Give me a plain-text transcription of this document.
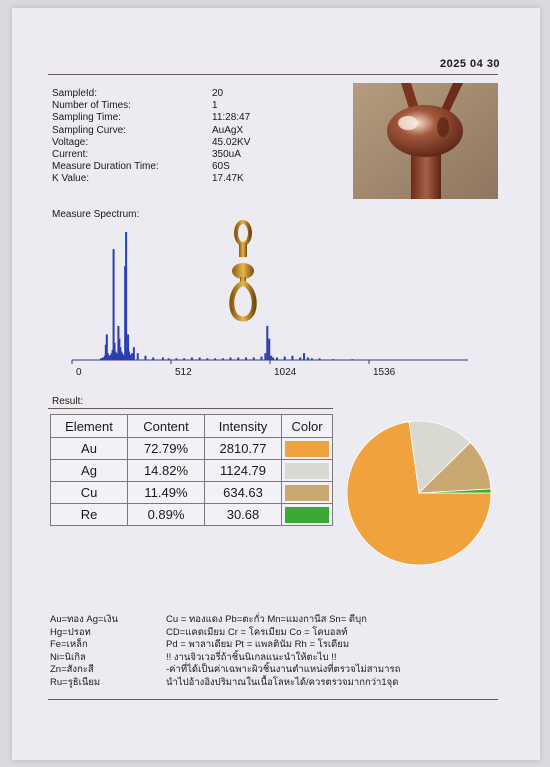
2025 04 30
SampleId:	20
Number of Times:	1
Sampling Time:	11:28:47
Sampling Curve:	AuAgX
Voltage:	45.02KV
Current:	350uA
Measure Duration Time:	60S
K Value:	17.47K
Measure Spectrum:
0	512	1024	1536
Result:
Element	Content	Intensity	Color
Au	72.79%	2810.77	

Ag	14.82%	1124.79	

Cu	11.49%	634.63	

Re	0.89%	30.68	
Au=ทอง Ag=เงิน	Cu = ทองแดง Pb=ตะกั่ว Mn=แมงกานีส Sn= ดีบุก
Hg=ปรอท	CD=แคดเมียม Cr = โครเมียม Co = โคบอลท์
Fe=เหล็ก	Pd = พาลาเดียม Pt = แพลตินัม Rh = โรเดียม
Ni=นิเกิล	!! งานจิวเวอรี่ถ้าชิ้นนิเกลแนะนำให้ตะไบ !!
Zn=สังกะสี	-ค่าที่ได้เป็นค่าเฉพาะผิวชิ้นงานตำแหน่งที่ตรวจไม่สามารถ
Ru=รูธิเนียม	นำไปอ้างอิงปริมาณในเนื้อโลหะได้/ควรตรวจมากกว่า1จุด
